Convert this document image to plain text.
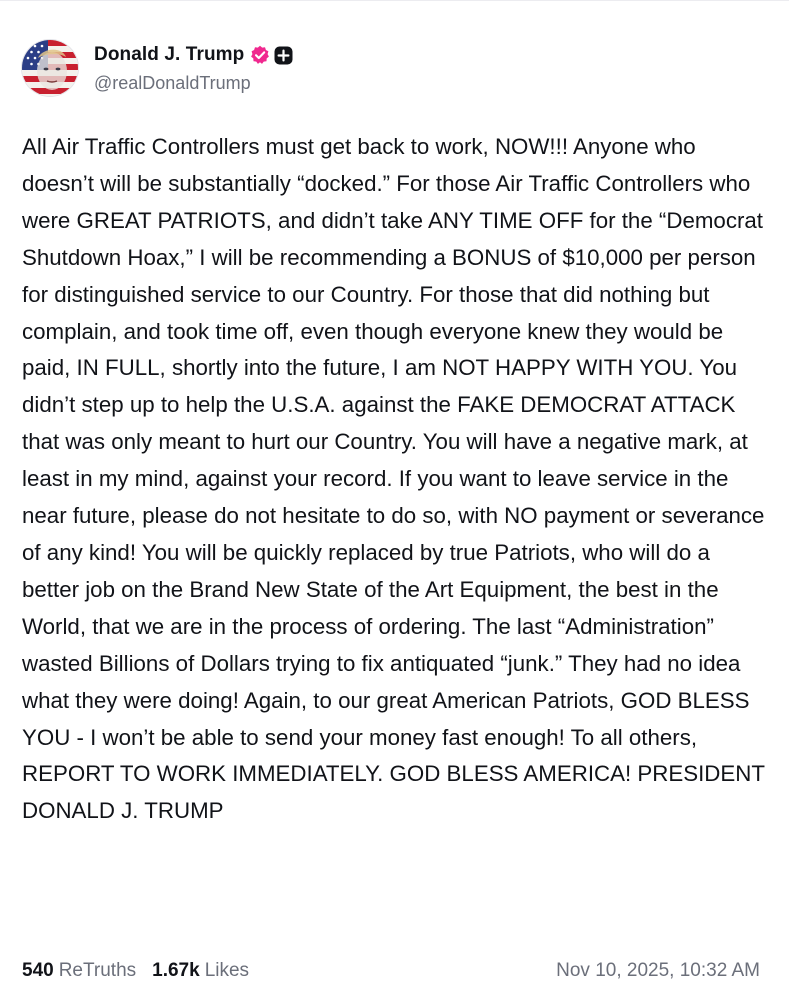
Donald J. Trump
@realDonaldTrump
All Air Traffic Controllers must get back to work, NOW!!! Anyone who doesn’t will be substantially “docked.” For those Air Traffic Controllers who were GREAT PATRIOTS, and didn’t take ANY TIME OFF for the “Democrat Shutdown Hoax,” I will be recommending a BONUS of $10,000 per person for distinguished service to our Country. For those that did nothing but complain, and took time off, even though everyone knew they would be paid, IN FULL, shortly into the future, I am NOT HAPPY WITH YOU. You didn’t step up to help the U.S.A. against the FAKE DEMOCRAT ATTACK that was only meant to hurt our Country. You will have a negative mark, at least in my mind, against your record. If you want to leave service in the near future, please do not hesitate to do so, with NO payment or severance of any kind! You will be quickly replaced by true Patriots, who will do a better job on the Brand New State of the Art Equipment, the best in the World, that we are in the process of ordering. The last “Administration” wasted Billions of Dollars trying to fix antiquated “junk.” They had no idea what they were doing! Again, to our great American Patriots, GOD BLESS YOU - I won’t be able to send your money fast enough! To all others, REPORT TO WORK IMMEDIATELY. GOD BLESS AMERICA! PRESIDENT DONALD J. TRUMP
540 ReTruths 1.67k Likes	Nov 10, 2025, 10:32 AM
